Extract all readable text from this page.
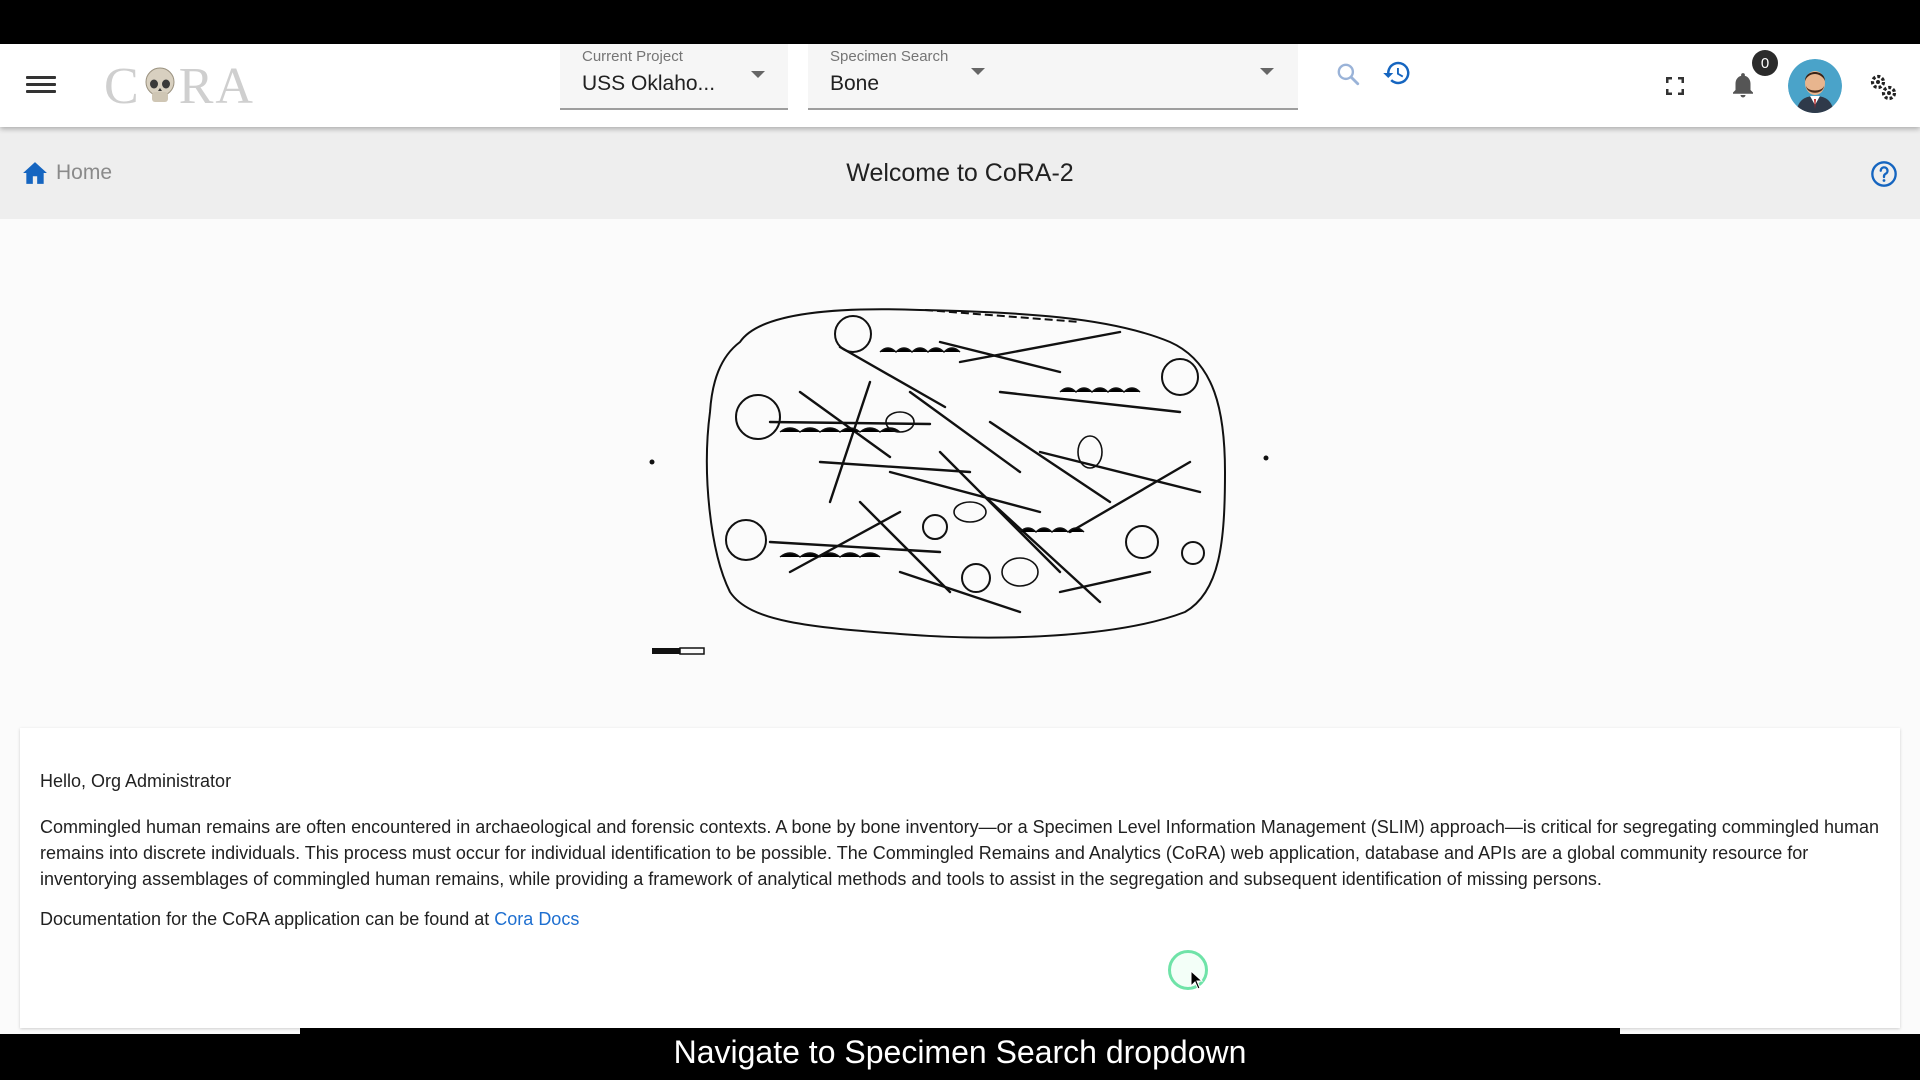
C RA
Current Project
USS Oklaho...
Specimen Search
Bone
0
Home	Welcome to CoRA-2

Hello, Org Administrator

Commingled human remains are often encountered in archaeological and forensic contexts. A bone by bone inventory—or a Specimen Level Information Management (SLIM) approach—is critical for segregating commingled human remains into discrete individuals. This process must occur for individual identification to be possible. The Commingled Remains and Analytics (CoRA) web application, database and APIs are a global community resource for inventorying assemblages of commingled human remains, while providing a framework of analytical methods and tools to assist in the segregation and subsequent identification of missing persons.

Documentation for the CoRA application can be found at Cora Docs

Navigate to Specimen Search dropdown
